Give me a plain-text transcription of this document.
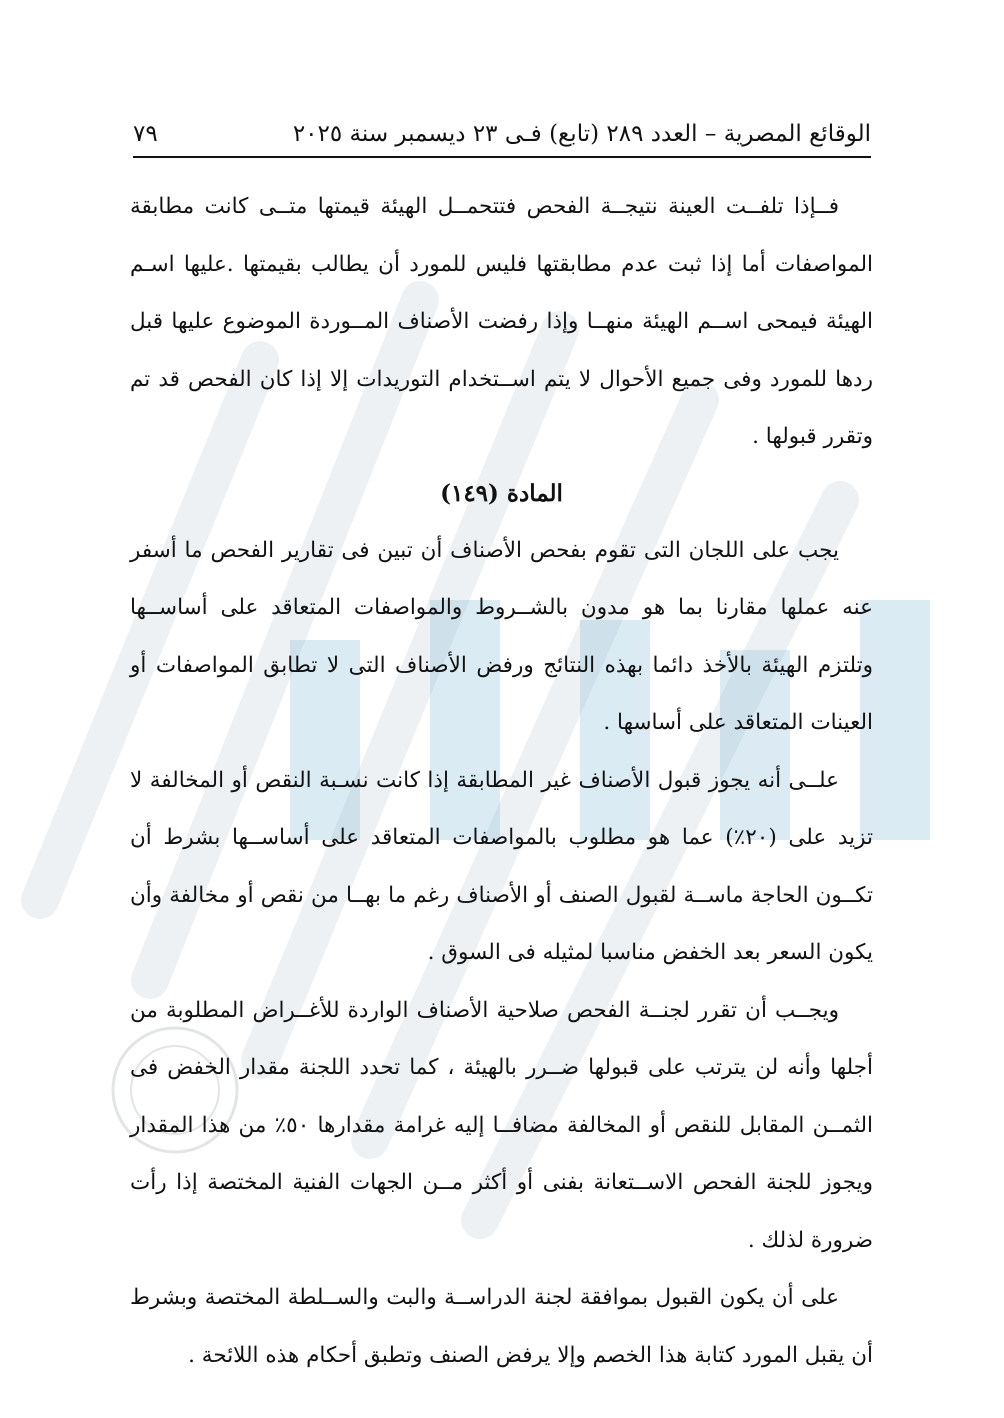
الوقائع المصرية – العدد ٢٨٩ (تابع) فـى ٢٣ ديسمبر سنة ٢٠٢٥
٧٩

فــإذا تلفــت العينة نتيجــة الفحص فتتحمــل الهيئة قيمتها متــى كانت مطابقة المواصفات أما إذا ثبت عدم مطابقتها فليس للمورد أن يطالب بقيمتها .عليها اسـم الهيئة فيمحى اســم الهيئة منهــا وإذا رفضت الأصناف المــوردة الموضوع عليها قبل ردها للمورد وفى جميع الأحوال لا يتم اســتخدام التوريدات إلا إذا كان الفحص قد تم وتقرر قبولها .

المادة (١٤٩)

يجب على اللجان التى تقوم بفحص الأصناف أن تبين فى تقارير الفحص ما أسفر عنه عملها مقارنا بما هو مدون بالشــروط والمواصفات المتعاقد على أساســها وتلتزم الهيئة بالأخذ دائما بهذه النتائج ورفض الأصناف التى لا تطابق المواصفات أو العينات المتعاقد على أساسها .

علــى أنه يجوز قبول الأصناف غير المطابقة إذا كانت نسـبة النقص أو المخالفة لا تزيد على (٢٠٪) عما هو مطلوب بالمواصفات المتعاقد على أساســها بشرط أن تكــون الحاجة ماســة لقبول الصنف أو الأصناف رغم ما بهــا من نقص أو مخالفة وأن يكون السعر بعد الخفض مناسبا لمثيله فى السوق .

ويجــب أن تقرر لجنــة الفحص صلاحية الأصناف الواردة للأغــراض المطلوبة من أجلها وأنه لن يترتب على قبولها ضــرر بالهيئة ، كما تحدد اللجنة مقدار الخفض فى الثمــن المقابل للنقص أو المخالفة مضافــا إليه غرامة مقدارها ٥٠٪ من هذا المقدار ويجوز للجنة الفحص الاســتعانة بفنى أو أكثر مــن الجهات الفنية المختصة إذا رأت ضرورة لذلك .

على أن يكون القبول بموافقة لجنة الدراســة والبت والســلطة المختصة وبشرط أن يقبل المورد كتابة هذا الخصم وإلا يرفض الصنف وتطبق أحكام هذه اللائحة .
